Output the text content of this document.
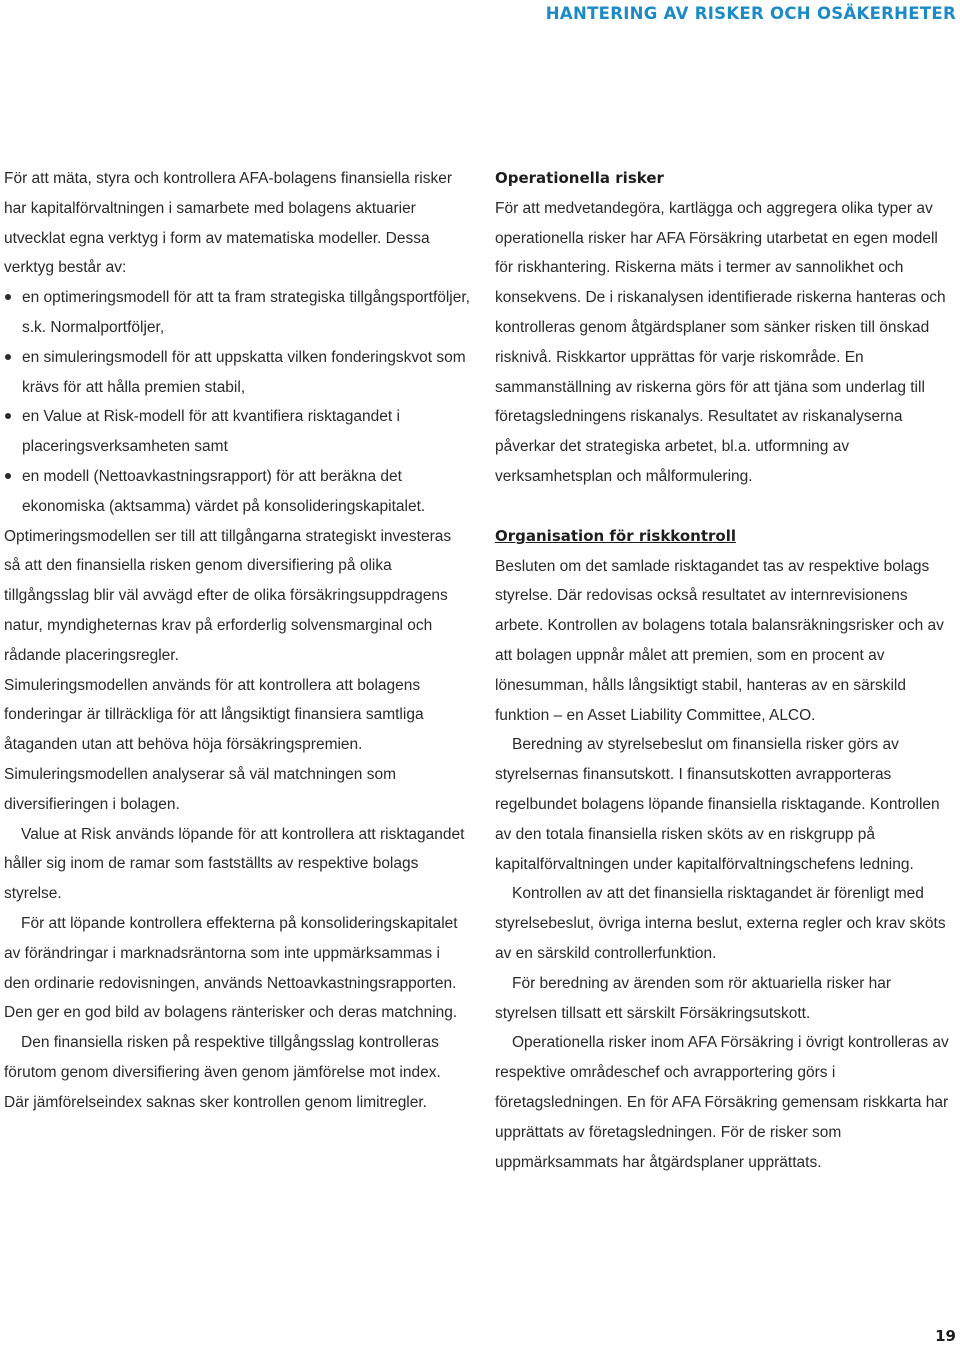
HANTERING AV RISKER OCH OSÄKERHETER

För att mäta, styra och kontrollera AFA-bolagens finansiella risker har kapitalförvaltningen i samarbete med bolagens aktuarier utvecklat egna verktyg i form av matematiska modeller. Dessa verktyg består av:

en optimeringsmodell för att ta fram strategiska tillgångsportföljer, s.k. Normalportföljer,
en simuleringsmodell för att uppskatta vilken fonderingskvot som krävs för att hålla premien stabil,
en Value at Risk-modell för att kvantifiera risktagandet i placeringsverksamheten samt
en modell (Nettoavkastningsrapport) för att beräkna det ekonomiska (aktsamma) värdet på konsolideringskapitalet.

Optimeringsmodellen ser till att tillgångarna strategiskt investeras så att den finansiella risken genom diversifiering på olika tillgångsslag blir väl avvägd efter de olika försäkringsuppdragens natur, myndigheternas krav på erforderlig solvensmarginal och rådande placeringsregler.

Simuleringsmodellen används för att kontrollera att bolagens fonderingar är tillräckliga för att långsiktigt finansiera samtliga åtaganden utan att behöva höja försäkringspremien. Simuleringsmodellen analyserar så väl matchningen som diversifieringen i bolagen.

Value at Risk används löpande för att kontrollera att risktagandet håller sig inom de ramar som fastställts av respektive bolags styrelse.

För att löpande kontrollera effekterna på konsolideringskapitalet av förändringar i marknadsräntorna som inte uppmärksammas i den ordinarie redovisningen, används Nettoavkastningsrapporten. Den ger en god bild av bolagens ränterisker och deras matchning.

Den finansiella risken på respektive tillgångsslag kontrolleras förutom genom diversifiering även genom jämförelse mot index. Där jämförelseindex saknas sker kontrollen genom limitregler.

Operationella risker

För att medvetandegöra, kartlägga och aggregera olika typer av operationella risker har AFA Försäkring utarbetat en egen modell för riskhantering. Riskerna mäts i termer av sannolikhet och konsekvens. De i riskanalysen identifierade riskerna hanteras och kontrolleras genom åtgärdsplaner som sänker risken till önskad risknivå. Riskkartor upprättas för varje riskområde. En sammanställning av riskerna görs för att tjäna som underlag till företagsledningens riskanalys. Resultatet av riskanalyserna påverkar det strategiska arbetet, bl.a. utformning av verksamhetsplan och målformulering.

Organisation för riskkontroll

Besluten om det samlade risktagandet tas av respektive bolags styrelse. Där redovisas också resultatet av internrevisionens arbete. Kontrollen av bolagens totala balansräkningsrisker och av att bolagen uppnår målet att premien, som en procent av lönesumman, hålls långsiktigt stabil, hanteras av en särskild funktion – en Asset Liability Committee, ALCO.

Beredning av styrelsebeslut om finansiella risker görs av styrelsernas finansutskott. I finansutskotten avrapporteras regelbundet bolagens löpande finansiella risktagande. Kontrollen av den totala finansiella risken sköts av en riskgrupp på kapitalförvaltningen under kapitalförvaltningschefens ledning.

Kontrollen av att det finansiella risktagandet är förenligt med styrelsebeslut, övriga interna beslut, externa regler och krav sköts av en särskild controllerfunktion.

För beredning av ärenden som rör aktuariella risker har styrelsen tillsatt ett särskilt Försäkringsutskott.

Operationella risker inom AFA Försäkring i övrigt kontrolleras av respektive områdeschef och avrapportering görs i företagsledningen. En för AFA Försäkring gemensam riskkarta har upprättats av företagsledningen. För de risker som uppmärksammats har åtgärdsplaner upprättats.

19
